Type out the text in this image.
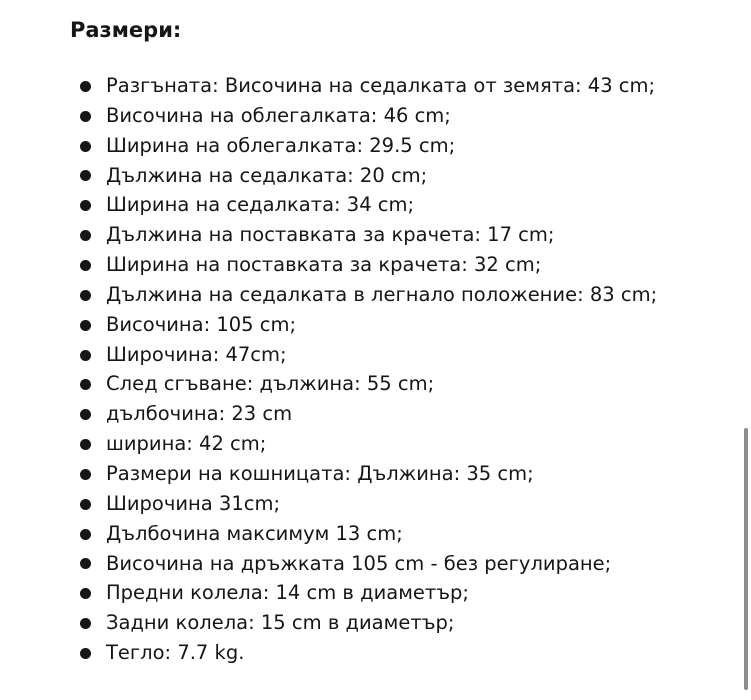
Размери:
Разгъната: Височина на седалката от земята: 43 cm;
Височина на облегалката: 46 cm;
Ширина на облегалката: 29.5 cm;
Дължина на седалката: 20 cm;
Ширина на седалката: 34 cm;
Дължина на поставката за крачета: 17 cm;
Ширина на поставката за крачета: 32 cm;
Дължина на седалката в легнало положение: 83 cm;
Височина: 105 cm;
Широчина: 47cm;
След сгъване: дължина: 55 cm;
дълбочина: 23 cm
ширина: 42 cm;
Размери на кошницата: Дължина: 35 cm;
Широчина 31cm;
Дълбочина максимум 13 cm;
Височина на дръжката 105 cm - без регулиране;
Предни колела: 14 cm в диаметър;
Задни колела: 15 cm в диаметър;
Тегло: 7.7 kg.
